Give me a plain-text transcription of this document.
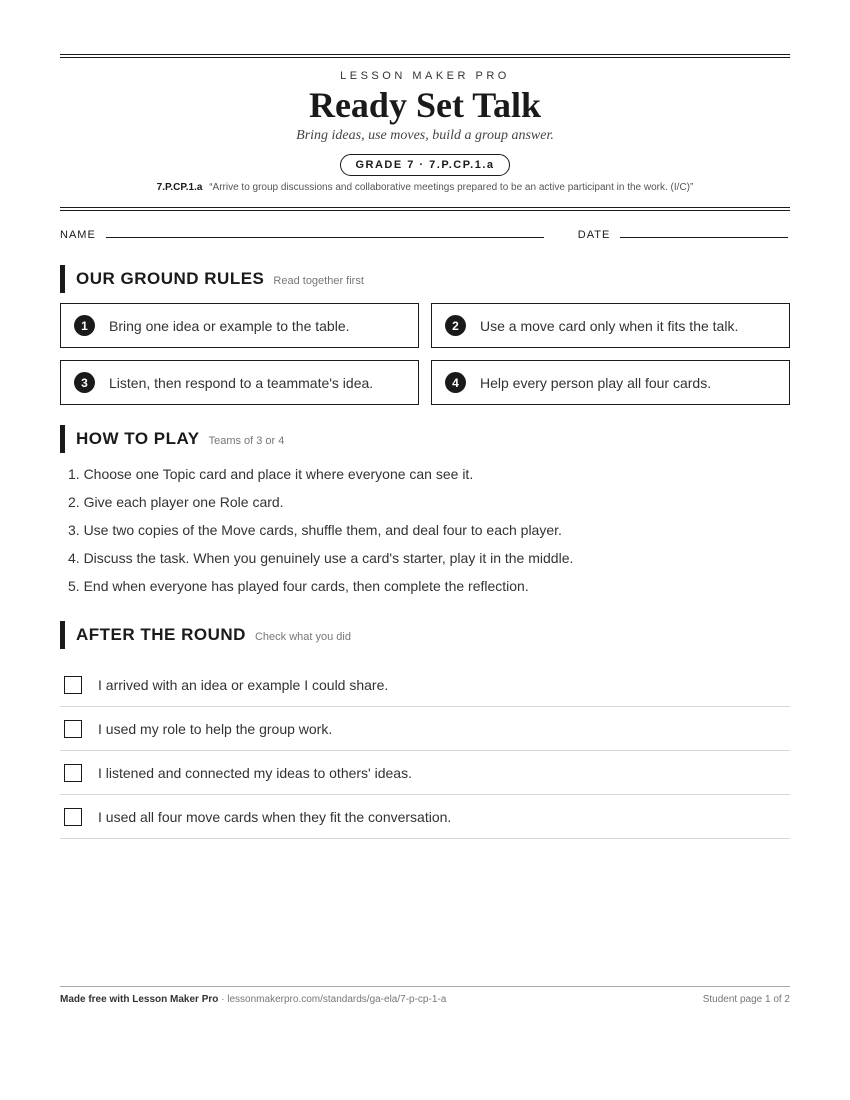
LESSON MAKER PRO
Ready Set Talk
Bring ideas, use moves, build a group answer.
GRADE 7 · 7.P.CP.1.a
7.P.CP.1.a “Arrive to group discussions and collaborative meetings prepared to be an active participant in the work. (I/C)”
NAME	DATE
OUR GROUND RULES Read together first
1	Bring one idea or example to the table.	2	Use a move card only when it fits the talk.
3	Listen, then respond to a teammate's idea.	4	Help every person play all four cards.
HOW TO PLAY Teams of 3 or 4
1. Choose one Topic card and place it where everyone can see it.
2. Give each player one Role card.
3. Use two copies of the Move cards, shuffle them, and deal four to each player.
4. Discuss the task. When you genuinely use a card's starter, play it in the middle.
5. End when everyone has played four cards, then complete the reflection.
AFTER THE ROUND Check what you did
I arrived with an idea or example I could share.
I used my role to help the group work.
I listened and connected my ideas to others' ideas.
I used all four move cards when they fit the conversation.
Made free with Lesson Maker Pro · lessonmakerpro.com/standards/ga-ela/7-p-cp-1-a	Student page 1 of 2
